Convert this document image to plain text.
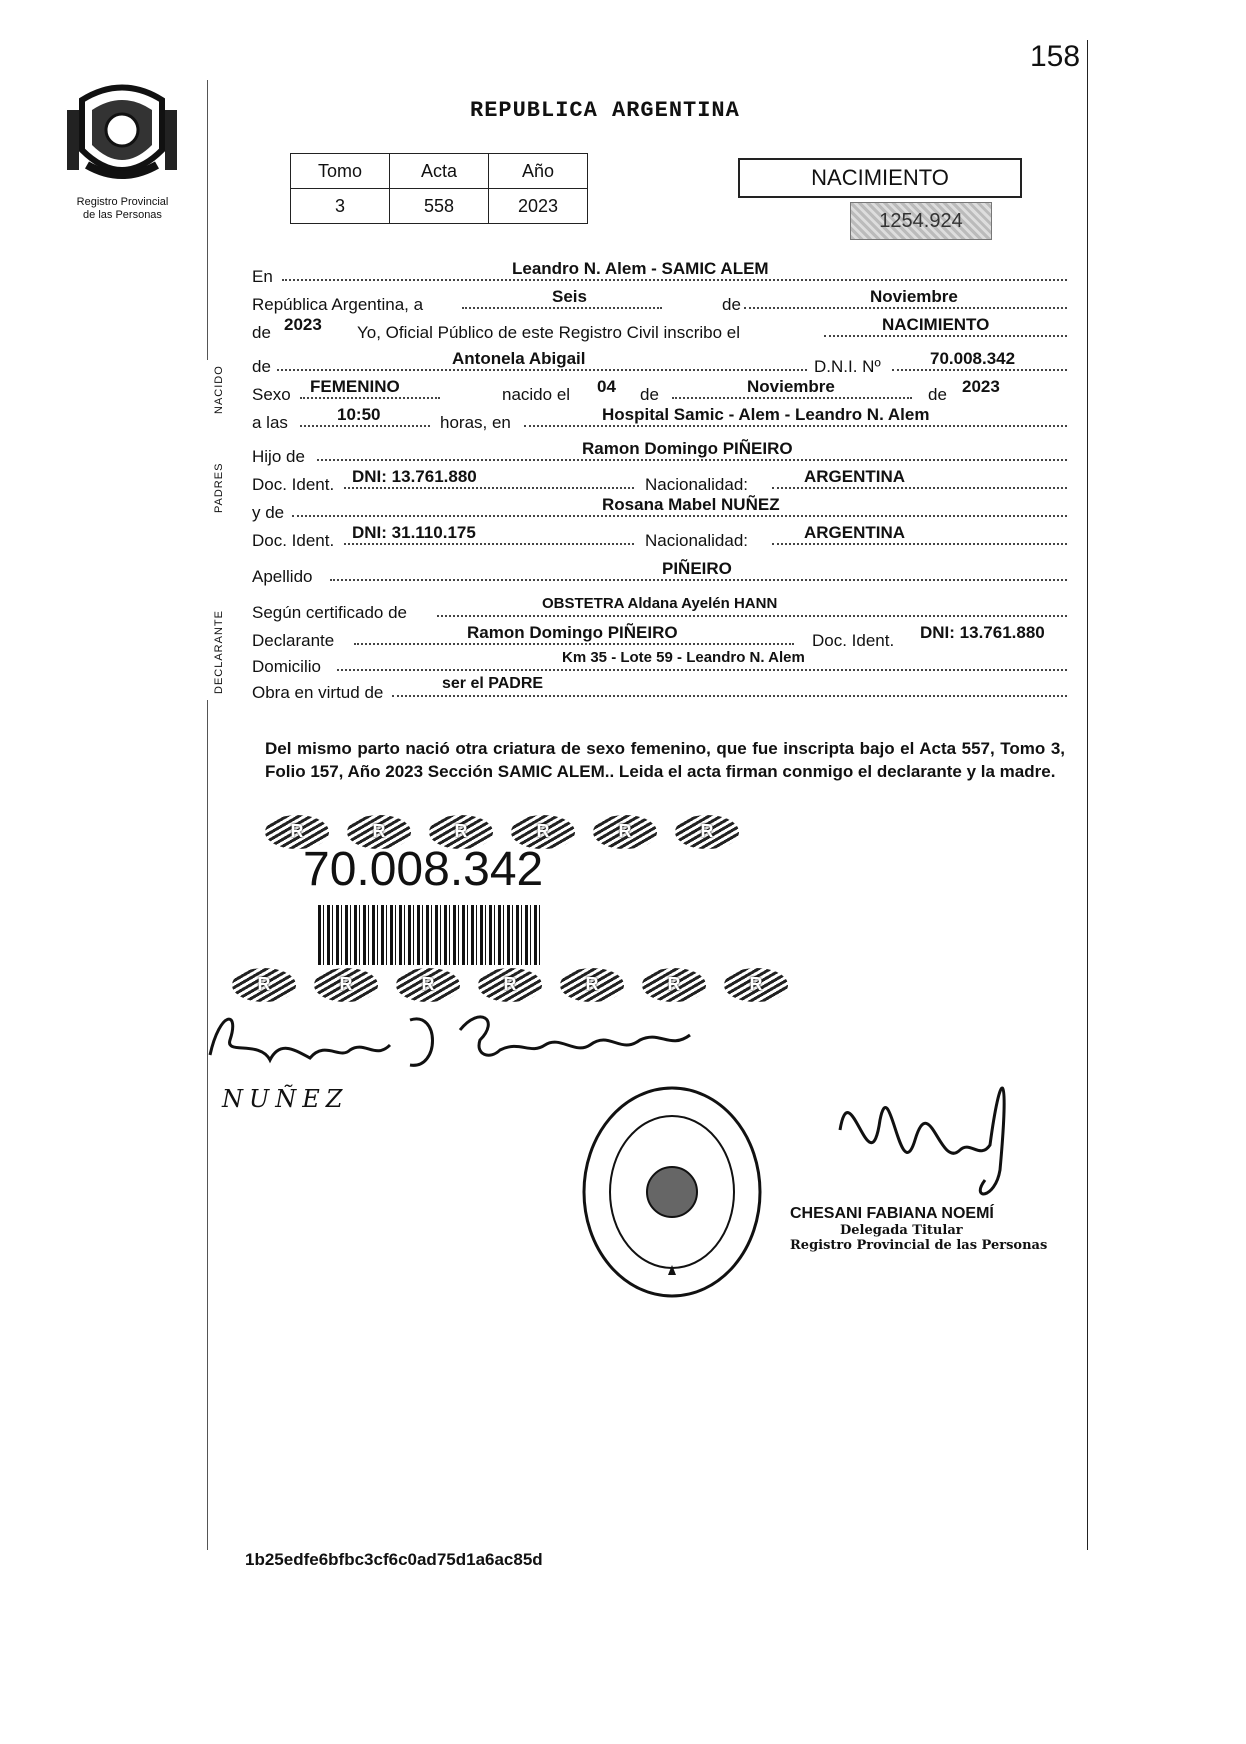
158
Registro Provincial
de las Personas
REPUBLICA ARGENTINA
Tomo	Acta	Año
3	558	2023
NACIMIENTO
1254.924
En	Leandro N. Alem - SAMIC ALEM
República Argentina, a	Seis	de	Noviembre
de 2023 Yo, Oficial Público de este Registro Civil inscribo el	NACIMIENTO
NACIDO de	Antonela Abigail	D.N.I. Nº	70.008.342
Sexo FEMENINO	nacido el 04 de	Noviembre	de 2023
a las	10:50	horas, en	Hospital Samic - Alem - Leandro N. Alem
PADRES
Hijo de	Ramon Domingo PIÑEIRO
Doc. Ident. DNI: 13.761.880	Nacionalidad:	ARGENTINA
y de	Rosana Mabel NUÑEZ
Doc. Ident. DNI: 31.110.175	Nacionalidad:	ARGENTINA
Apellido	PIÑEIRO
DECLARANTE Según certificado de	OBSTETRA Aldana Ayelén HANN
Declarante	Ramon Domingo PIÑEIRO	Doc. Ident. DNI: 13.761.880
Domicilio	Km 35 - Lote 59 - Leandro N. Alem
Obra en virtud de	ser el PADRE
Del mismo parto nació otra criatura de sexo femenino, que fue inscripta bajo el Acta 557, Tomo 3, Folio 157, Año 2023 Sección SAMIC ALEM.. Leida el acta firman conmigo el declarante y la madre.
R	R	R	R	R	R
70.008.342
R	R	R	R	R	R	R
NUÑEZ
CHESANI FABIANA NOEMÍ
Delegada Titular
Registro Provincial de las Personas
1b25edfe6bfbc3cf6c0ad75d1a6ac85d
